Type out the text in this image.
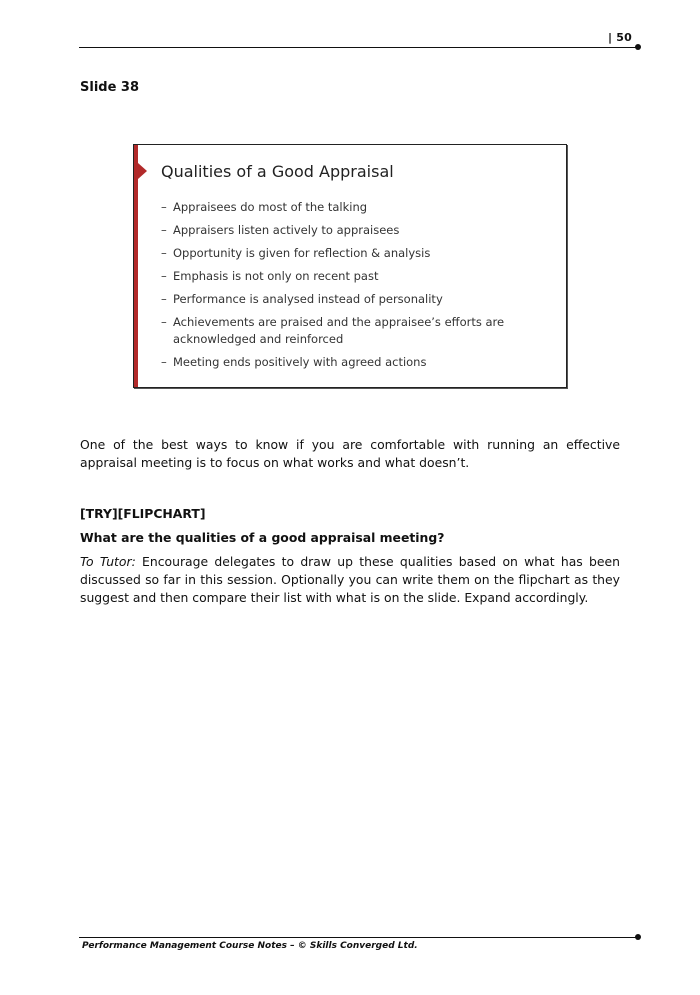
| 50
Slide 38
Qualities of a Good Appraisal
– Appraisees do most of the talking
– Appraisers listen actively to appraisees
– Opportunity is given for reflection & analysis
– Emphasis is not only on recent past
– Performance is analysed instead of personality
– Achievements are praised and the appraisee’s efforts are acknowledged and reinforced
– Meeting ends positively with agreed actions

One of the best ways to know if you are comfortable with running an effective appraisal meeting is to focus on what works and what doesn’t.

[TRY][FLIPCHART]

What are the qualities of a good appraisal meeting?

To Tutor: Encourage delegates to draw up these qualities based on what has been discussed so far in this session. Optionally you can write them on the flipchart as they suggest and then compare their list with what is on the slide. Expand accordingly.

Performance Management Course Notes – © Skills Converged Ltd.
